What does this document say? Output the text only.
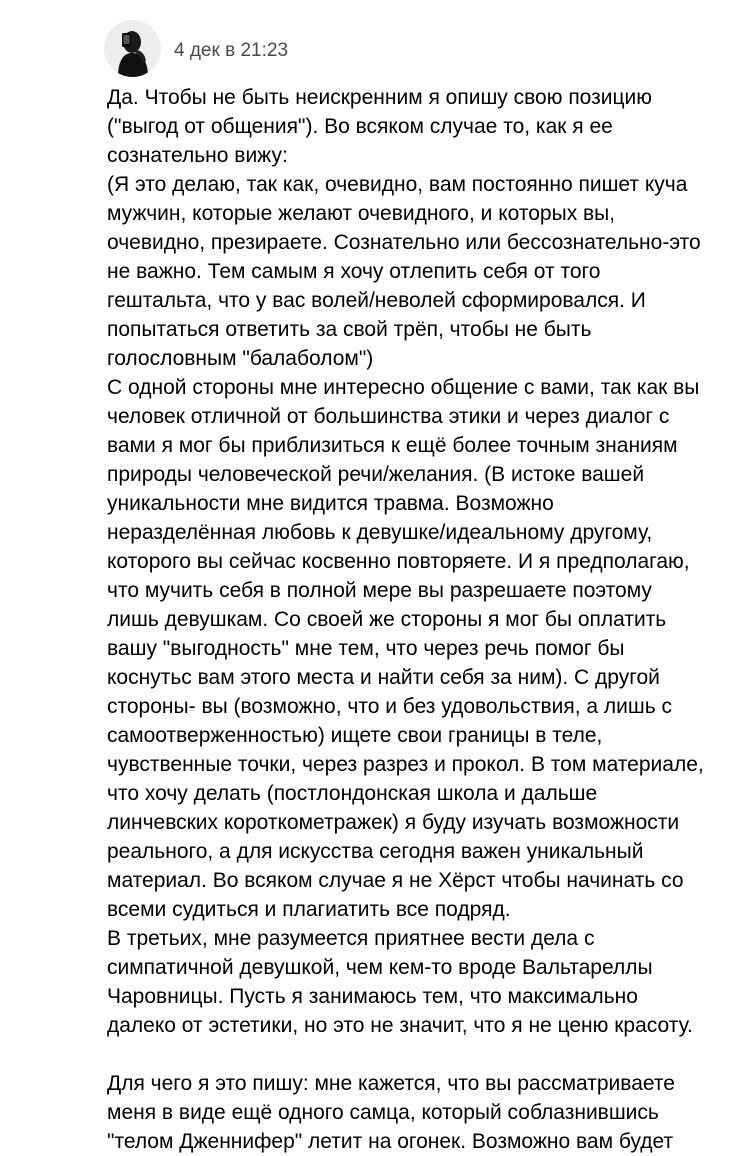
4 дек в 21:23
Да. Чтобы не быть неискренним я опишу свою позицию
("выгод от общения"). Во всяком случае то, как я ее
сознательно вижу:
(Я это делаю, так как, очевидно, вам постоянно пишет куча
мужчин, которые желают очевидного, и которых вы,
очевидно, презираете. Сознательно или бессознательно-это
не важно. Тем самым я хочу отлепить себя от того
гештальта, что у вас волей/неволей сформировался. И
попытаться ответить за свой трёп, чтобы не быть
голословным "балаболом")
С одной стороны мне интересно общение с вами, так как вы
человек отличной от большинства этики и через диалог с
вами я мог бы приблизиться к ещё более точным знаниям
природы человеческой речи/желания. (В истоке вашей
уникальности мне видится травма. Возможно
неразделённая любовь к девушке/идеальному другому,
которого вы сейчас косвенно повторяете. И я предполагаю,
что мучить себя в полной мере вы разрешаете поэтому
лишь девушкам. Со своей же стороны я мог бы оплатить
вашу "выгодность" мне тем, что через речь помог бы
коснутьс вам этого места и найти себя за ним). С другой
стороны- вы (возможно, что и без удовольствия, а лишь с
самоотверженностью) ищете свои границы в теле,
чувственные точки, через разрез и прокол. В том материале,
что хочу делать (постлондонская школа и дальше
линчевских короткометражек) я буду изучать возможности
реального, а для искусства сегодня важен уникальный
материал. Во всяком случае я не Хёрст чтобы начинать со
всеми судиться и плагиатить все подряд.
В третьих, мне разумеется приятнее вести дела с
симпатичной девушкой, чем кем-то вроде Вальтареллы
Чаровницы. Пусть я занимаюсь тем, что максимально
далеко от эстетики, но это не значит, что я не ценю красоту.
Для чего я это пишу: мне кажется, что вы рассматриваете
меня в виде ещё одного самца, который соблазнившись
"телом Дженнифер" летит на огонек. Возможно вам будет
